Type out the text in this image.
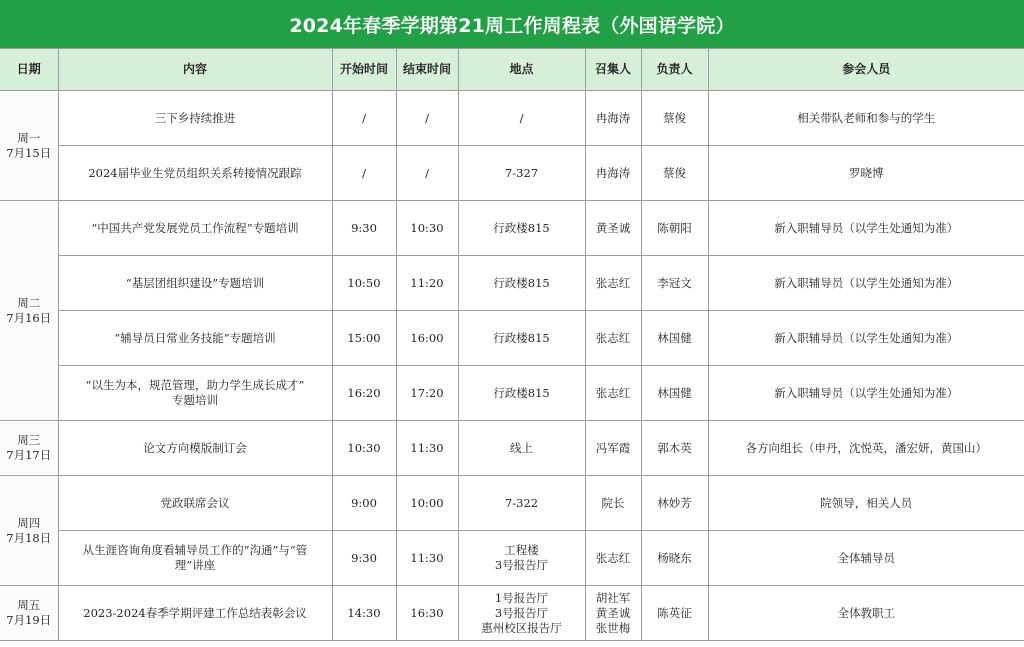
2024年春季学期第21周工作周程表（外国语学院）
日期	内容	开始时间	结束时间	地点	召集人	负责人	参会人员

周一
7月15日	三下乡持续推进	/	/	/	冉海涛	蔡俊	相关带队老师和参与的学生

	2024届毕业生党员组织关系转接情况跟踪	/	/	7-327	冉海涛	蔡俊	罗晓博

周二
7月16日	“中国共产党发展党员工作流程”专题培训	9:30	10:30	行政楼815	黄圣诚	陈朝阳	新入职辅导员（以学生处通知为准）

	“基层团组织建设”专题培训	10:50	11:20	行政楼815	张志红	李冠文	新入职辅导员（以学生处通知为准）

	“辅导员日常业务技能”专题培训	15:00	16:00	行政楼815	张志红	林国健	新入职辅导员（以学生处通知为准）

	“以生为本，规范管理，助力学生成长成才”
专题培训	16:20	17:20	行政楼815	张志红	林国健	新入职辅导员（以学生处通知为准）

周三
7月17日	论文方向模版制订会	10:30	11:30	线上	冯军霞	郭木英	各方向组长（申丹，沈悦英，潘宏妍，黄国山）

周四
7月18日	党政联席会议	9:00	10:00	7-322	院长	林妙芳	院领导，相关人员

	从生涯咨询角度看辅导员工作的“沟通”与“管
理”讲座	9:30	11:30	工程楼
3号报告厅	张志红	杨晓东	全体辅导员

周五
7月19日	2023-2024春季学期评建工作总结表彰会议	14:30	16:30	1号报告厅
3号报告厅
惠州校区报告厅	胡社军
黄圣诚
张世梅	陈英征	全体教职工
